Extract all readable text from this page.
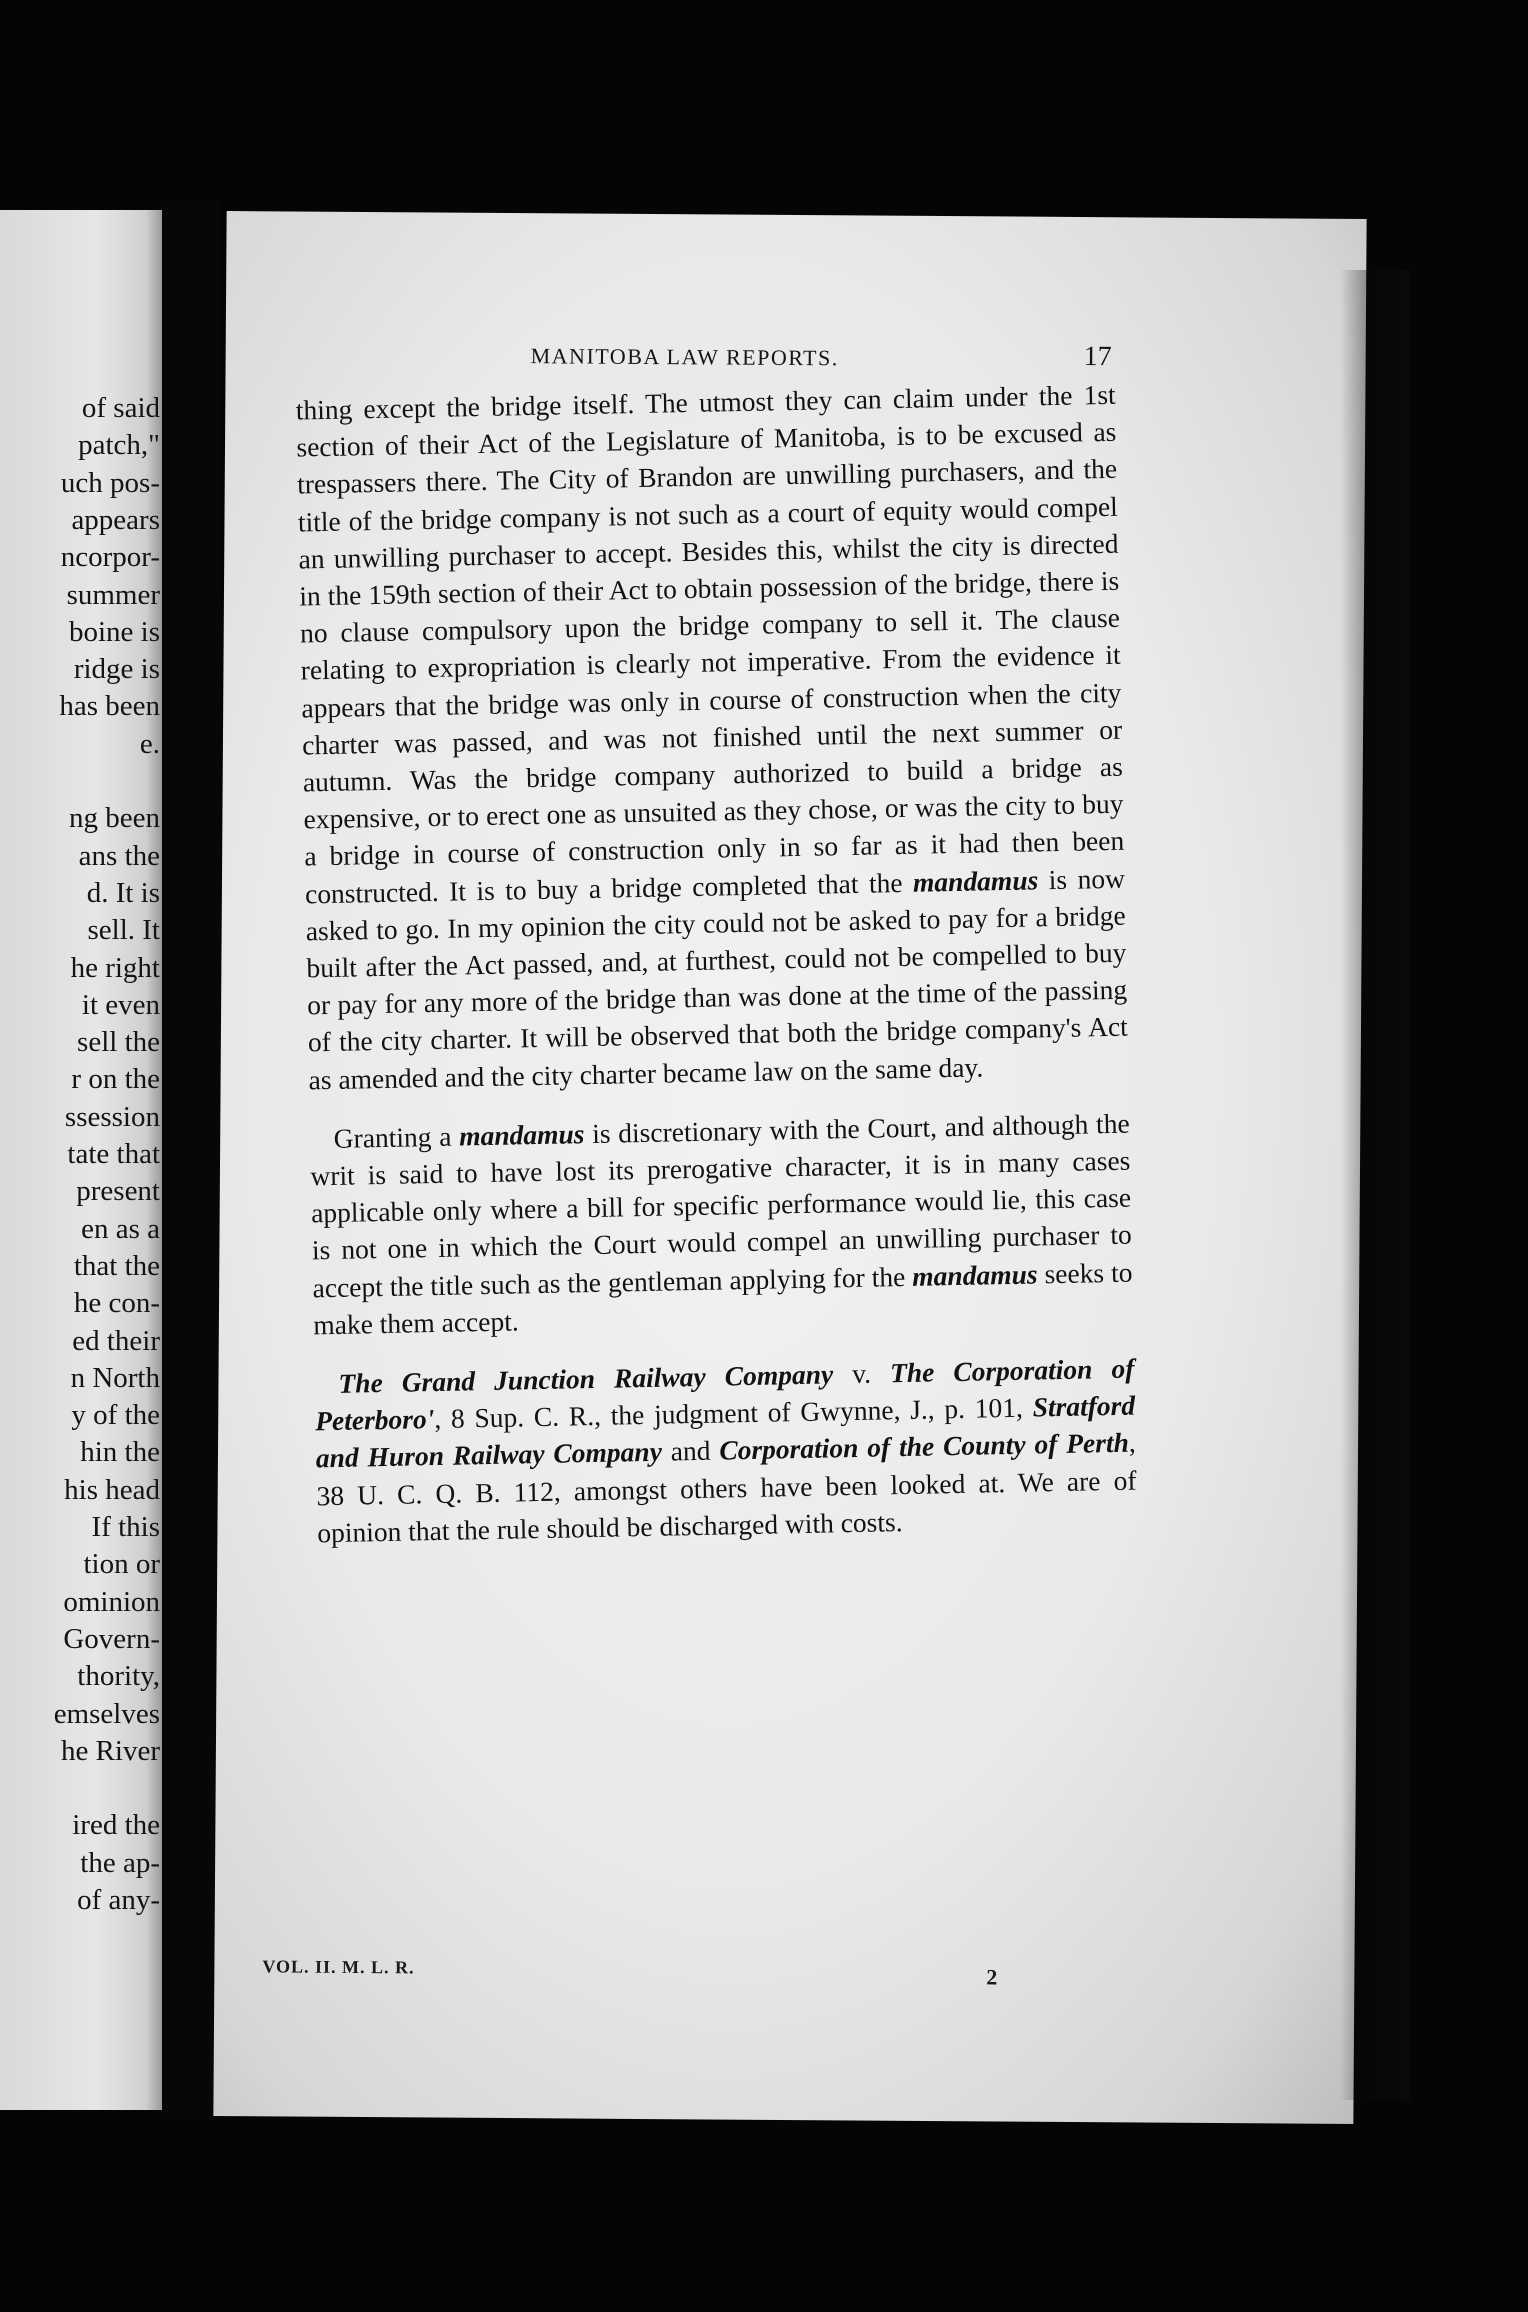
of said
patch,"
uch pos-
appears
ncorpor-
summer
boine is
ridge is
has been
e.
ng been
ans the
d. It is
sell. It
he right
it even
sell the
r on the
ssession
tate that
present
en as a
that the
he con-
ed their
n North
y of the
hin the
his head
If this
tion or
ominion
Govern-
thority,
emselves
he River
ired the
the ap-
of any-
MANITOBA LAW REPORTS.	17

thing except the bridge itself. The utmost they can claim under the 1st section of their Act of the Legislature of Manitoba, is to be excused as trespassers there. The City of Brandon are unwilling purchasers, and the title of the bridge company is not such as a court of equity would compel an unwilling purchaser to accept. Besides this, whilst the city is directed in the 159th section of their Act to obtain possession of the bridge, there is no clause compulsory upon the bridge company to sell it. The clause relating to expropriation is clearly not imperative. From the evidence it appears that the bridge was only in course of construction when the city charter was passed, and was not finished until the next summer or autumn. Was the bridge company authorized to build a bridge as expensive, or to erect one as unsuited as they chose, or was the city to buy a bridge in course of construction only in so far as it had then been constructed. It is to buy a bridge completed that the mandamus is now asked to go. In my opinion the city could not be asked to pay for a bridge built after the Act passed, and, at furthest, could not be compelled to buy or pay for any more of the bridge than was done at the time of the passing of the city charter. It will be observed that both the bridge company's Act as amended and the city charter became law on the same day.

Granting a mandamus is discretionary with the Court, and although the writ is said to have lost its prerogative character, it is in many cases applicable only where a bill for specific performance would lie, this case is not one in which the Court would compel an unwilling purchaser to accept the title such as the gentleman applying for the mandamus seeks to make them accept.

The Grand Junction Railway Company v. The Corporation of Peterboro', 8 Sup. C. R., the judgment of Gwynne, J., p. 101, Stratford and Huron Railway Company and Corporation of the County of Perth, 38 U. C. Q. B. 112, amongst others have been looked at. We are of opinion that the rule should be discharged with costs.

VOL. II. M. L. R.	2
